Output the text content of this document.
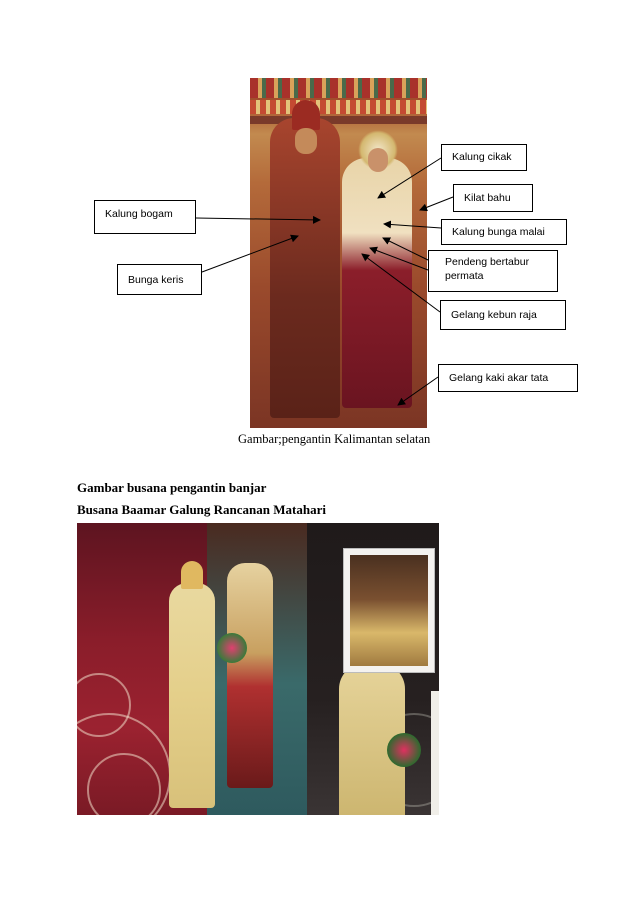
Kalung bogam
Bunga keris
Kalung cikak
Kilat bahu
Kalung bunga malai
Pendeng bertabur
permata
Gelang kebun raja
Gelang kaki akar tata
Gambar;pengantin Kalimantan selatan
Gambar busana pengantin banjar
Busana Baamar Galung Rancanan Matahari
